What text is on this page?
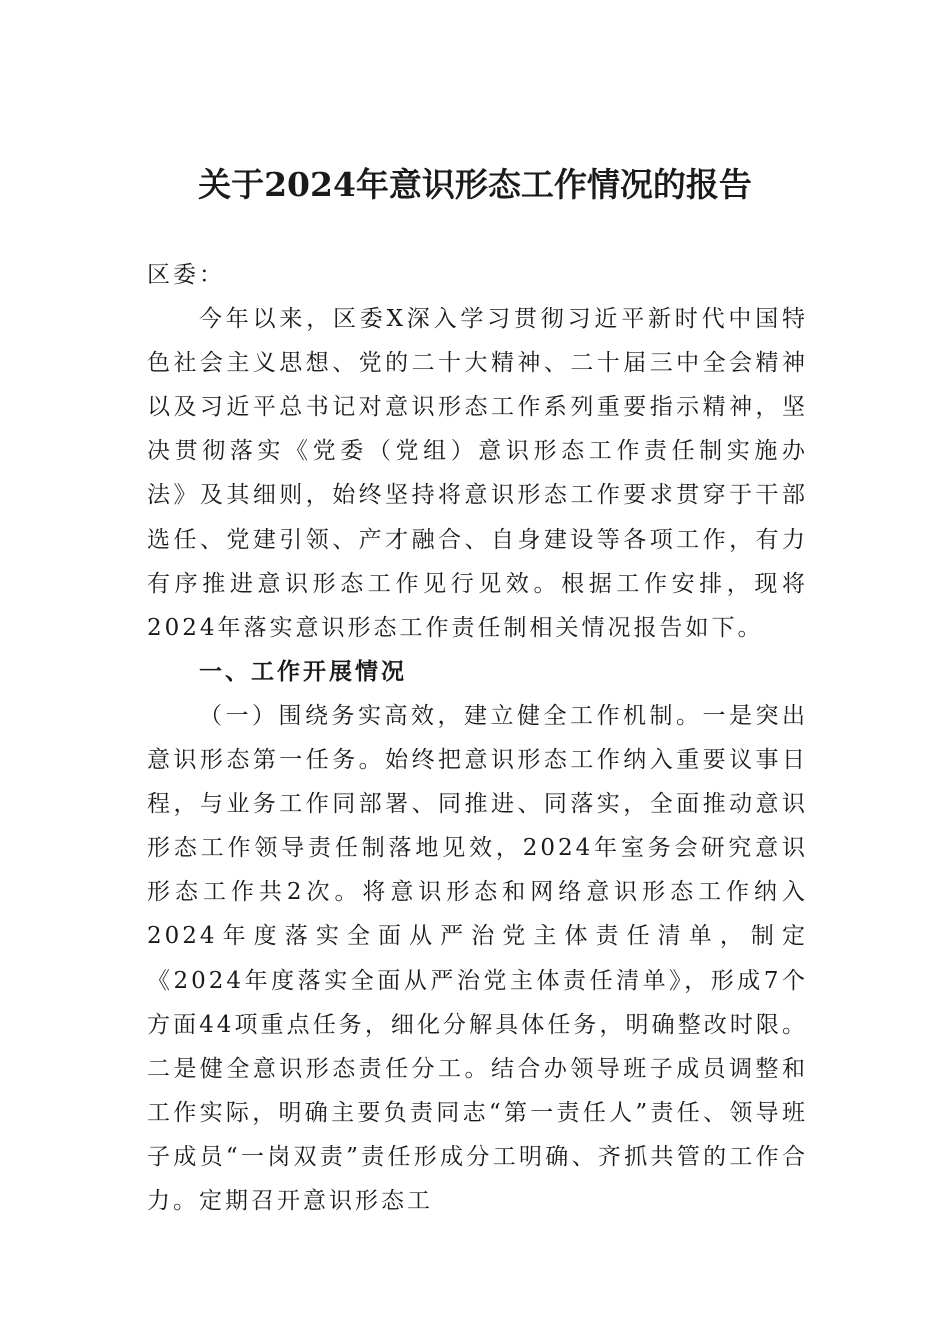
关于2024年意识形态工作情况的报告

区委：

今年以来，区委X深入学习贯彻习近平新时代中国特色社会主义思想、党的二十大精神、二十届三中全会精神以及习近平总书记对意识形态工作系列重要指示精神，坚决贯彻落实《党委（党组）意识形态工作责任制实施办法》及其细则，始终坚持将意识形态工作要求贯穿于干部选任、党建引领、产才融合、自身建设等各项工作，有力有序推进意识形态工作见行见效。根据工作安排，现将2024年落实意识形态工作责任制相关情况报告如下。

一、工作开展情况

（一）围绕务实高效，建立健全工作机制。一是突出意识形态第一任务。始终把意识形态工作纳入重要议事日程，与业务工作同部署、同推进、同落实，全面推动意识形态工作领导责任制落地见效，2024年室务会研究意识形态工作共2次。将意识形态和网络意识形态工作纳入2024年度落实全面从严治党主体责任清单，制定《2024年度落实全面从严治党主体责任清单》，形成7个方面44项重点任务，细化分解具体任务，明确整改时限。二是健全意识形态责任分工。结合办领导班子成员调整和工作实际，明确主要负责同志“第一责任人”责任、领导班子成员“一岗双责”责任形成分工明确、齐抓共管的工作合力。定期召开意识形态工
